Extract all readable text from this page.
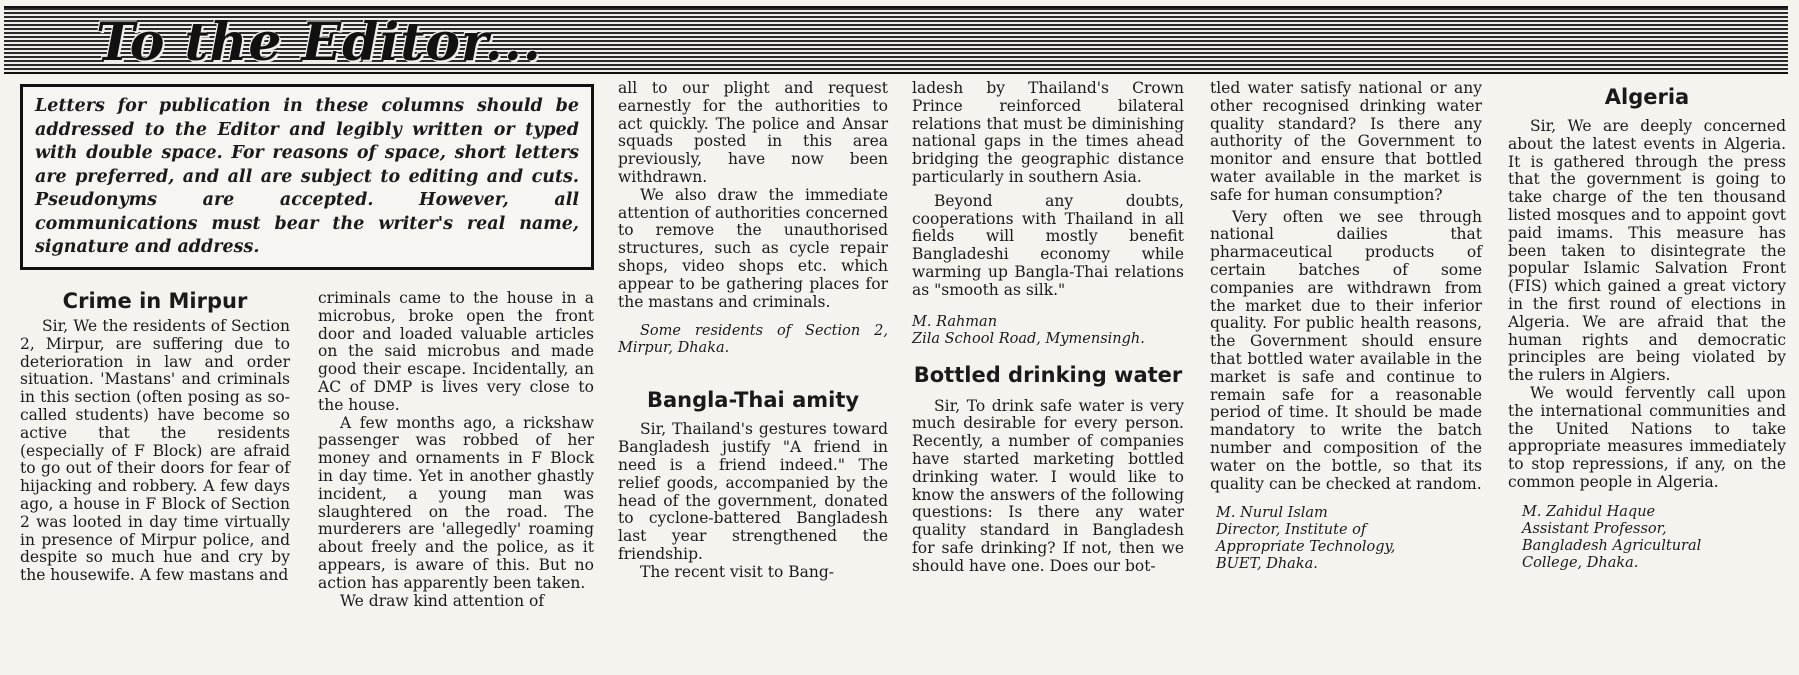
To the Editor...
Letters for publication in these columns should be addressed to the Editor and legibly written or typed with double space. For reasons of space, short letters are preferred, and all are subject to editing and cuts. Pseudonyms are accepted. However, all communications must bear the writer's real name, signature and address.
Crime in Mirpur

Sir, We the residents of Section 2, Mirpur, are suffering due to deterioration in law and order situation. 'Mastans' and criminals in this section (often posing as so-called students) have become so active that the residents (especially of F Block) are afraid to go out of their doors for fear of hijacking and robbery. A few days ago, a house in F Block of Section 2 was looted in day time virtually in presence of Mirpur police, and despite so much hue and cry by the housewife. A few mastans and

criminals came to the house in a microbus, broke open the front door and loaded valuable articles on the said microbus and made good their escape. Incidentally, an AC of DMP is lives very close to the house.

A few months ago, a rickshaw passenger was robbed of her money and ornaments in F Block in day time. Yet in another ghastly incident, a young man was slaughtered on the road. The murderers are 'allegedly' roaming about freely and the police, as it appears, is aware of this. But no action has apparently been taken.

We draw kind attention of

all to our plight and request earnestly for the authorities to act quickly. The police and Ansar squads posted in this area previously, have now been withdrawn.

We also draw the immediate attention of authorities concerned to remove the unauthorised structures, such as cycle repair shops, video shops etc. which appear to be gathering places for the mastans and criminals.

Some residents of Section 2, Mirpur, Dhaka.

Bangla-Thai amity

Sir, Thailand's gestures toward Bangladesh justify "A friend in need is a friend indeed." The relief goods, accompanied by the head of the government, donated to cyclone-battered Bangladesh last year strengthened the friendship.

The recent visit to Bang-

ladesh by Thailand's Crown Prince reinforced bilateral relations that must be diminishing national gaps in the times ahead bridging the geographic distance particularly in southern Asia.

Beyond any doubts, cooperations with Thailand in all fields will mostly benefit Bangladeshi economy while warming up Bangla-Thai relations as "smooth as silk."

M. Rahman
Zila School Road, Mymensingh.
Bottled drinking water

Sir, To drink safe water is very much desirable for every person. Recently, a number of companies have started marketing bottled drinking water. I would like to know the answers of the following questions: Is there any water quality standard in Bangladesh for safe drinking? If not, then we should have one. Does our bot-

tled water satisfy national or any other recognised drinking water quality standard? Is there any authority of the Government to monitor and ensure that bottled water available in the market is safe for human consumption?

Very often we see through national dailies that pharmaceutical products of certain batches of some companies are withdrawn from the market due to their inferior quality. For public health reasons, the Government should ensure that bottled water available in the market is safe and continue to remain safe for a reasonable period of time. It should be made mandatory to write the batch number and composition of the water on the bottle, so that its quality can be checked at random.

M. Nurul Islam
Director, Institute of
Appropriate Technology,
BUET, Dhaka.
Algeria

Sir, We are deeply concerned about the latest events in Algeria. It is gathered through the press that the government is going to take charge of the ten thousand listed mosques and to appoint govt paid imams. This measure has been taken to disintegrate the popular Islamic Salvation Front (FIS) which gained a great victory in the first round of elections in Algeria. We are afraid that the human rights and democratic principles are being violated by the rulers in Algiers.

We would fervently call upon the international communities and the United Nations to take appropriate measures immediately to stop repressions, if any, on the common people in Algeria.

M. Zahidul Haque
Assistant Professor,
Bangladesh Agricultural
College, Dhaka.
